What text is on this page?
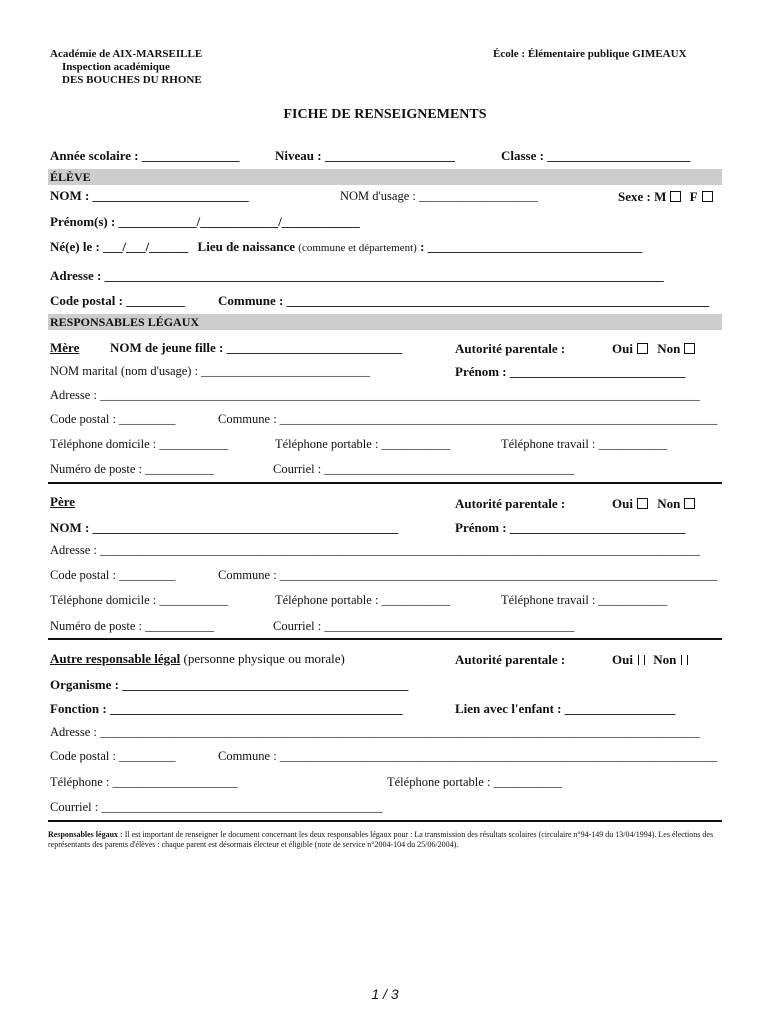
Académie de AIX-MARSEILLE
Inspection académique
DES BOUCHES DU RHONE
École : Élémentaire publique GIMEAUX
FICHE DE RENSEIGNEMENTS
Année scolaire : _______________	Niveau : ____________________	Classe : ______________________
ÉLÈVE
NOM : ________________________	NOM d'usage : ___________________	Sexe : M F
Prénom(s) : ____________/____________/____________
Né(e) le : ___/___/______ Lieu de naissance (commune et département) : _________________________________
Adresse : ______________________________________________________________________________________
Code postal : _________	Commune : _________________________________________________________________
RESPONSABLES LÉGAUX
Mère NOM de jeune fille : ___________________________	Autorité parentale :	Oui Non
NOM marital (nom d'usage) : ___________________________	Prénom : ___________________________
Adresse : ________________________________________________________________________________________________
Code postal : _________	Commune : ______________________________________________________________________
Téléphone domicile : ___________	Téléphone portable : ___________	Téléphone travail : ___________
Numéro de poste : ___________	Courriel : ________________________________________
Père	Autorité parentale :	Oui Non
NOM : _______________________________________________	Prénom : ___________________________
Adresse : ________________________________________________________________________________________________
Code postal : _________	Commune : ______________________________________________________________________
Téléphone domicile : ___________	Téléphone portable : ___________	Téléphone travail : ___________
Numéro de poste : ___________	Courriel : ________________________________________
Autre responsable légal (personne physique ou morale)	Autorité parentale :	Oui Non
Organisme : ____________________________________________
Fonction : _____________________________________________	Lien avec l'enfant : _________________
Adresse : ________________________________________________________________________________________________
Code postal : _________	Commune : ______________________________________________________________________
Téléphone : ____________________	Téléphone portable : ___________
Courriel : _____________________________________________
Responsables légaux : Il est important de renseigner le document concernant les deux responsables légaux pour : La transmission des résultats scolaires (circulaire n°94-149 du 13/04/1994). Les élections des représentants des parents d'élèves : chaque parent est désormais électeur et éligible (note de service n°2004-104 du 25/06/2004).
1 / 3
